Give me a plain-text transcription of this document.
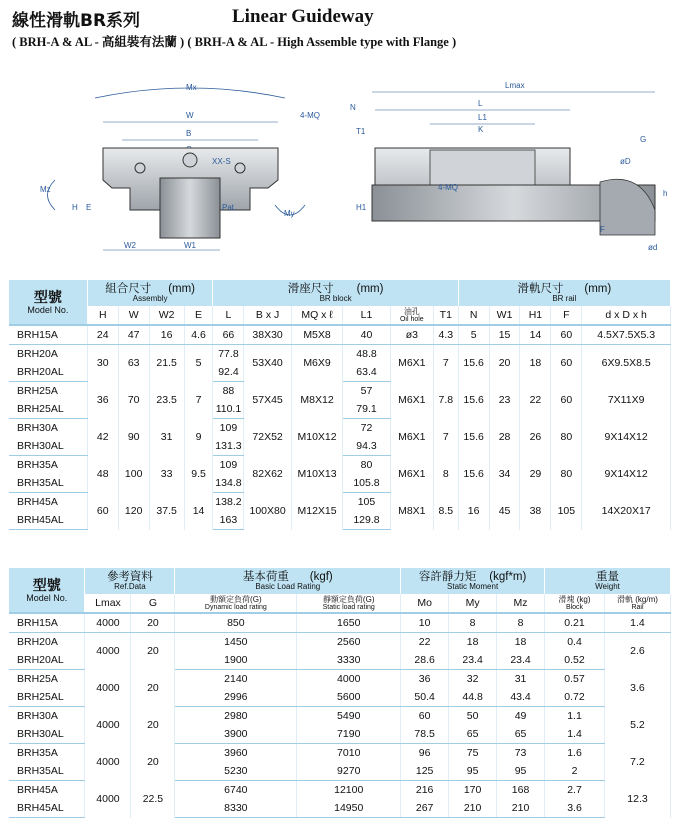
線性滑軌BR系列	Linear Guideway
( BRH-A & AL - 高組裝有法蘭 ) ( BRH-A & AL - High Assemble type with Flange )
Mx
W
B
4-MQ
XX-S
Mz
E
H	Pat.
My
W2	W1
Lmax
L
L1
K
N
T1
H1
4-MQ
G
øD
h
F
ød
型號
Model No.	組合尺寸 (mm)
Assembly				滑座尺寸 (mm)
BR block						滑軌尺寸 (mm)
BR rail				

	H	W	W2	E	L	B x J	MQ x ℓ	L1	油孔
Oil hole	T1	N	W1	H1	F	d x D x h
BRH15A	24	47	16	4.6	66	38X30	M5X8	40	ø3	4.3	5	15	14	60	4.5X7.5X5.3
BRH20A	30	63	21.5	5	77.8	53X40	M6X9	48.8	M6X1	7	15.6	20	18	60	6X9.5X8.5
BRH20AL					92.4			63.4							
BRH25A	36	70	23.5	7	88	57X45	M8X12	57	M6X1	7.8	15.6	23	22	60	7X11X9
BRH25AL					110.1			79.1							
BRH30A	42	90	31	9	109	72X52	M10X12	72	M6X1	7	15.6	28	26	80	9X14X12
BRH30AL					131.3			94.3							
BRH35A	48	100	33	9.5	109	82X62	M10X13	80	M6X1	8	15.6	34	29	80	9X14X12
BRH35AL					134.8			105.8							
BRH45A	60	120	37.5	14	138.2	100X80	M12X15	105	M8X1	8.5	16	45	38	105	14X20X17
BRH45AL					163			129.8							
型號
Model No.	參考資料
Ref.Data		基本荷重 (kgf)
Basic Load Rating		容許靜力矩 (kgf*m)
Static Moment			重量
Weight	

	Lmax	G	動額定負荷(G)
Dynamic load rating	靜額定負荷(G)
Static load rating	Mo	My	Mz	滑塊 (kg)
Block	滑軌 (kg/m)
Rail

BRH15A	4000	20	850	1650	10	8	8	0.21	1.4
BRH20A	4000	20	1450	2560	22	18	18	0.4	2.6
BRH20AL			1900	3330	28.6	23.4	23.4	0.52	
BRH25A	4000	20	2140	4000	36	32	31	0.57	3.6
BRH25AL			2996	5600	50.4	44.8	43.4	0.72	
BRH30A	4000	20	2980	5490	60	50	49	1.1	5.2
BRH30AL			3900	7190	78.5	65	65	1.4	
BRH35A	4000	20	3960	7010	96	75	73	1.6	7.2
BRH35AL			5230	9270	125	95	95	2	
BRH45A	4000	22.5	6740	12100	216	170	168	2.7	12.3
BRH45AL			8330	14950	267	210	210	3.6	
